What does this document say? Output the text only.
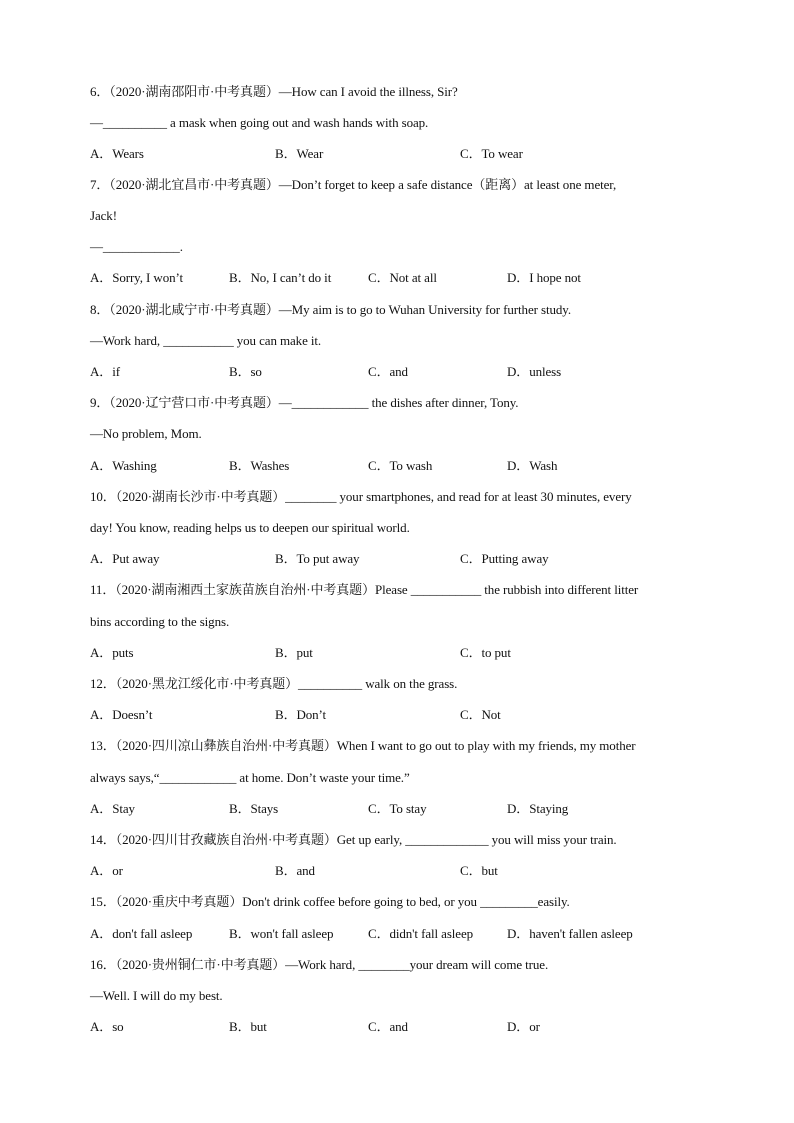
6．（2020·湖南邵阳市·中考真题）—How can I avoid the illness, Sir?
—__________ a mask when going out and wash hands with soap.
A．Wears	B．Wear	C．To wear
7．（2020·湖北宜昌市·中考真题）—Don’t forget to keep a safe distance（距离）at least one meter,
Jack!
—____________.
A．Sorry, I won’t	B．No, I can’t do it	C．Not at all	D．I hope not
8．（2020·湖北咸宁市·中考真题）—My aim is to go to Wuhan University for further study.
—Work hard, ___________ you can make it.
A．if	B．so	C．and	D．unless
9．（2020·辽宁营口市·中考真题）—____________ the dishes after dinner, Tony.
—No problem, Mom.
A．Washing	B．Washes	C．To wash	D．Wash
10．（2020·湖南长沙市·中考真题）________ your smartphones, and read for at least 30 minutes, every
day! You know, reading helps us to deepen our spiritual world.
A．Put away	B．To put away	C．Putting away
11．（2020·湖南湘西土家族苗族自治州·中考真题）Please ___________ the rubbish into different litter
bins according to the signs.
A．puts	B．put	C．to put
12．（2020·黑龙江绥化市·中考真题）__________ walk on the grass.
A．Doesn’t	B．Don’t	C．Not
13．（2020·四川凉山彝族自治州·中考真题）When I want to go out to play with my friends, my mother
always says,“____________ at home. Don’t waste your time.”
A．Stay	B．Stays	C．To stay	D．Staying
14．（2020·四川甘孜藏族自治州·中考真题）Get up early, _____________ you will miss your train.
A．or	B．and	C．but
15．（2020·重庆中考真题）Don't drink coffee before going to bed, or you _________easily.
A．don't fall asleep	B．won't fall asleep	C．didn't fall asleep	D．haven't fallen asleep
16．（2020·贵州铜仁市·中考真题）—Work hard, ________your dream will come true.
—Well. I will do my best.
A．so	B．but	C．and	D．or
